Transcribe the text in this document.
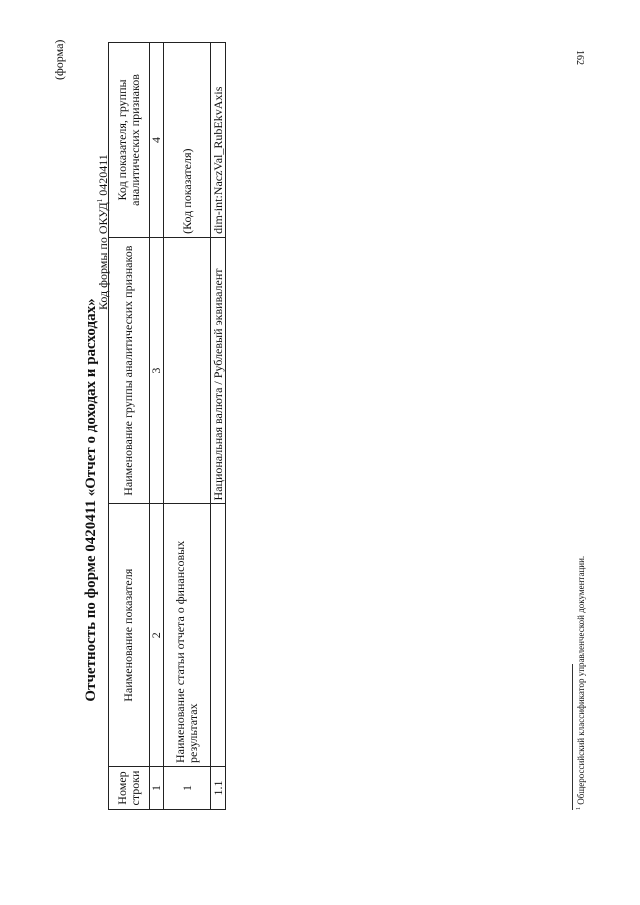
162
(форма)
Отчетность по форме 0420411 «Отчет о доходах и расходах»
Код формы по ОКУД$^1$ 0420411
Номер строки	Наименование показателя	Наименование группы аналитических признаков	Код показателя, группы аналитических признаков
1	2	3	4
1	Наименование статьи отчета о финансовых результатах		(Код показателя)

1.1		Национальная валюта / Рублевый эквивалент	dim-int:NaczVal_RubEkvAxis
$^1$ Общероссийский классификатор управленческой документации.
